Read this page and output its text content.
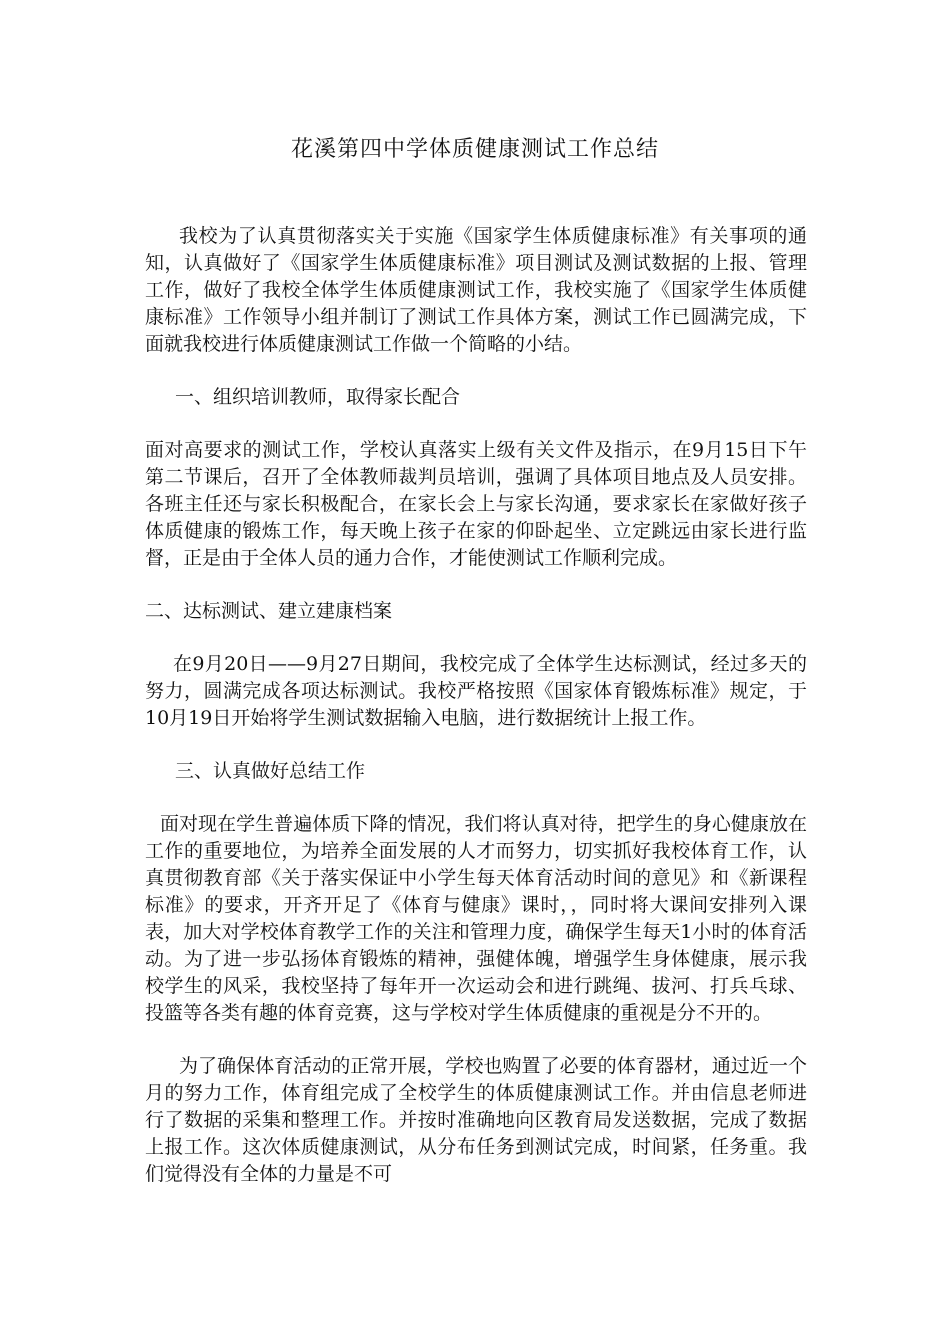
花溪第四中学体质健康测试工作总结

我校为了认真贯彻落实关于实施《国家学生体质健康标准》有关事项的通知，认真做好了《国家学生体质健康标准》项目测试及测试数据的上报、管理工作，做好了我校全体学生体质健康测试工作，我校实施了《国家学生体质健康标准》工作领导小组并制订了测试工作具体方案，测试工作已圆满完成，下面就我校进行体质健康测试工作做一个简略的小结。

一、组织培训教师，取得家长配合

面对高要求的测试工作，学校认真落实上级有关文件及指示，在9月15日下午第二节课后，召开了全体教师裁判员培训，强调了具体项目地点及人员安排。各班主任还与家长积极配合，在家长会上与家长沟通，要求家长在家做好孩子体质健康的锻炼工作，每天晚上孩子在家的仰卧起坐、立定跳远由家长进行监督，正是由于全体人员的通力合作，才能使测试工作顺利完成。

二、达标测试、建立建康档案

在9月20日——9月27日期间，我校完成了全体学生达标测试，经过多天的努力，圆满完成各项达标测试。我校严格按照《国家体育锻炼标准》规定，于10月19日开始将学生测试数据输入电脑，进行数据统计上报工作。

三、认真做好总结工作

面对现在学生普遍体质下降的情况，我们将认真对待，把学生的身心健康放在工作的重要地位，为培养全面发展的人才而努力，切实抓好我校体育工作，认真贯彻教育部《关于落实保证中小学生每天体育活动时间的意见》和《新课程标准》的要求，开齐开足了《体育与健康》课时，，同时将大课间安排列入课表，加大对学校体育教学工作的关注和管理力度，确保学生每天1小时的体育活动。为了进一步弘扬体育锻炼的精神，强健体魄，增强学生身体健康，展示我校学生的风采，我校坚持了每年开一次运动会和进行跳绳、拔河、打兵乓球、投篮等各类有趣的体育竞赛，这与学校对学生体质健康的重视是分不开的。

为了确保体育活动的正常开展，学校也购置了必要的体育器材，通过近一个月的努力工作，体育组完成了全校学生的体质健康测试工作。并由信息老师进行了数据的采集和整理工作。并按时准确地向区教育局发送数据，完成了数据上报工作。这次体质健康测试，从分布任务到测试完成，时间紧，任务重。我们觉得没有全体的力量是不可
